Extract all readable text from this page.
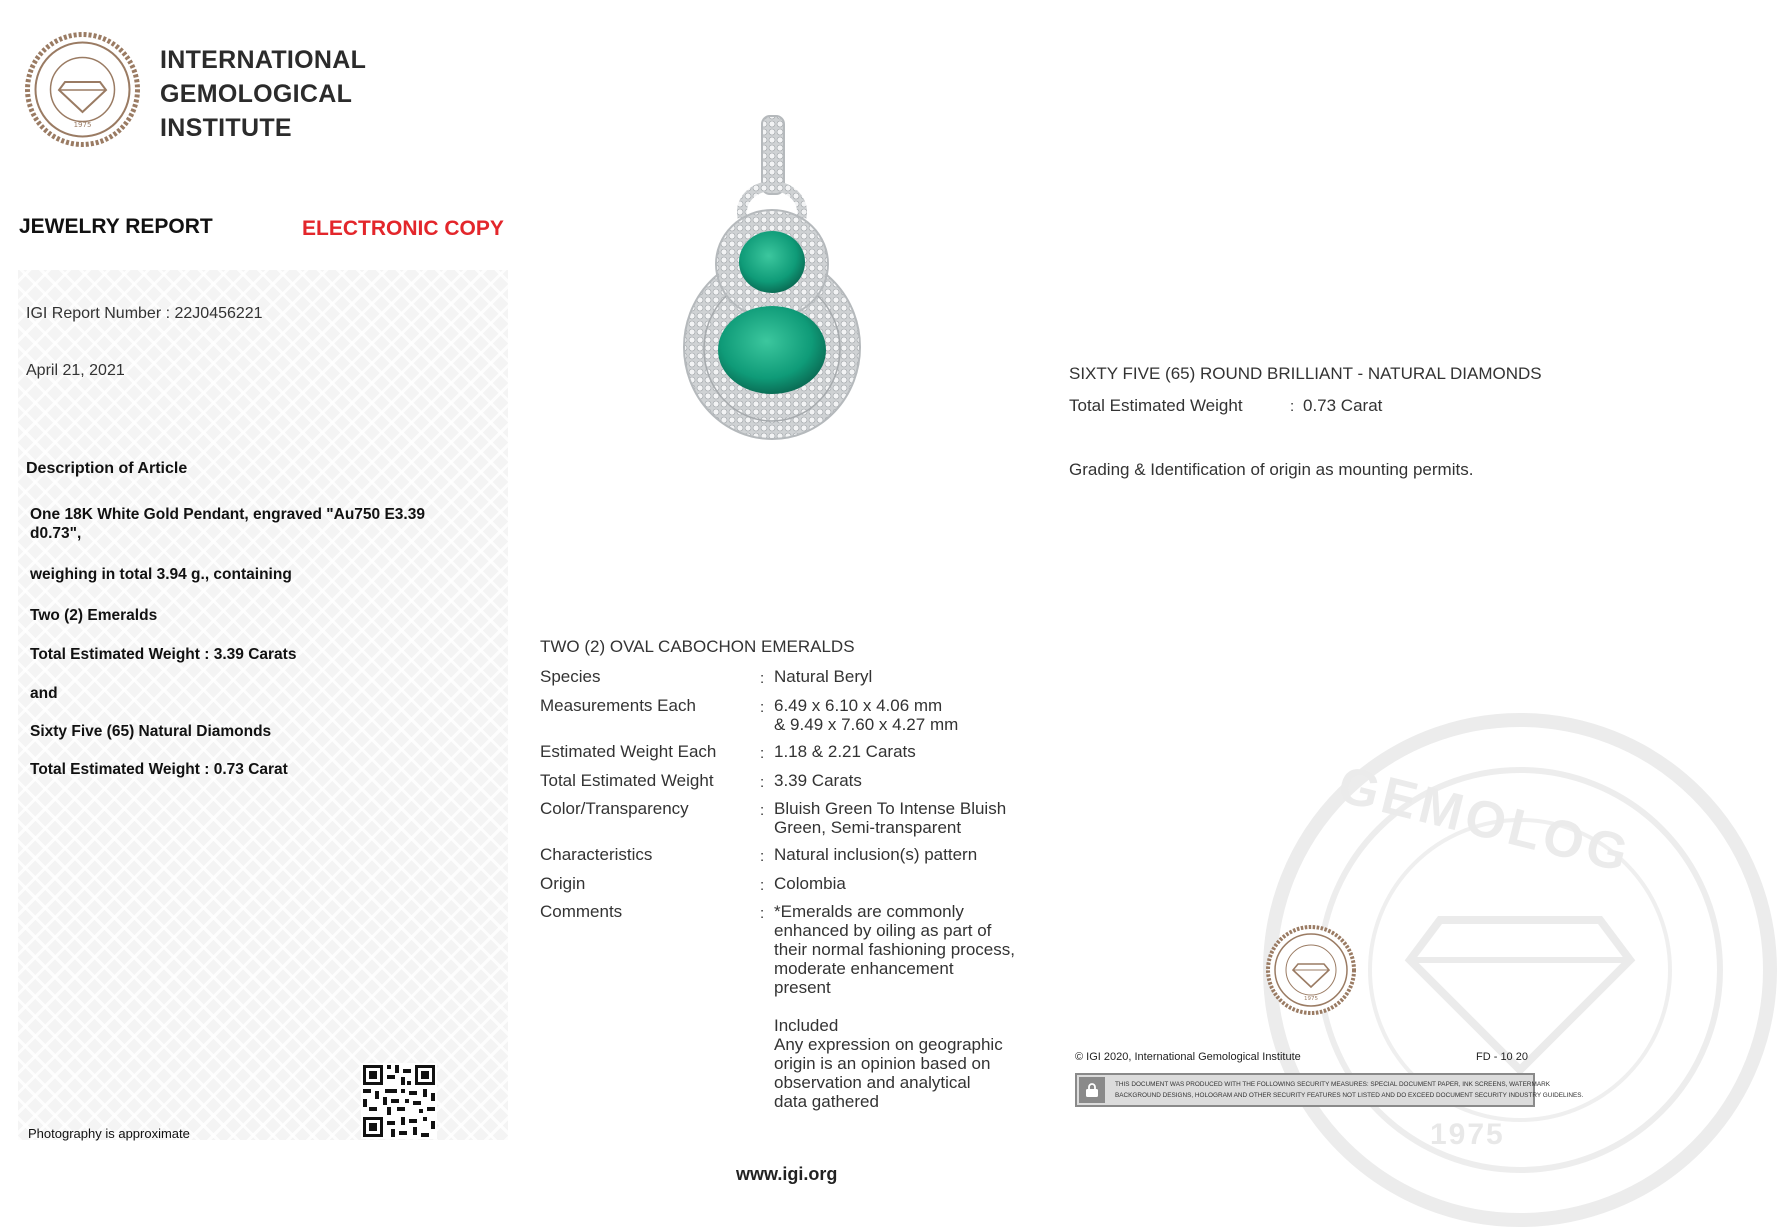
GEMOLOG
1975
1975
INTERNATIONAL
GEMOLOGICAL
INSTITUTE
JEWELRY REPORT	ELECTRONIC COPY
IGI Report Number : 22J0456221
April 21, 2021
Description of Article
One 18K White Gold Pendant, engraved "Au750 E3.39 d0.73",
weighing in total 3.94 g., containing
Two (2) Emeralds
Total Estimated Weight : 3.39 Carats
and
Sixty Five (65) Natural Diamonds
Total Estimated Weight : 0.73 Carat
SIXTY FIVE (65) ROUND BRILLIANT - NATURAL DIAMONDS
Total Estimated Weight	: 0.73 Carat
Grading & Identification of origin as mounting permits.
TWO (2) OVAL CABOCHON EMERALDS
Species	: Natural Beryl
Measurements Each	: 6.49 x 6.10 x 4.06 mm
& 9.49 x 7.60 x 4.27 mm
Estimated Weight Each	: 1.18 & 2.21 Carats
Total Estimated Weight	: 3.39 Carats
Color/Transparency	: Bluish Green To Intense Bluish
Green, Semi-transparent
Characteristics	: Natural inclusion(s) pattern
Origin	: Colombia
Comments	: *Emeralds are commonly
enhanced by oiling as part of
their normal fashioning process,
moderate enhancement
present

Included
Any expression on geographic
origin is an opinion based on
observation and analytical
data gathered
1975
© IGI 2020, International Gemological Institute	FD - 10 20
THIS DOCUMENT WAS PRODUCED WITH THE FOLLOWING SECURITY MEASURES: SPECIAL DOCUMENT PAPER, INK SCREENS, WATERMARK
BACKGROUND DESIGNS, HOLOGRAM AND OTHER SECURITY FEATURES NOT LISTED AND DO EXCEED DOCUMENT SECURITY INDUSTRY GUIDELINES.
Photography is approximate
www.igi.org
